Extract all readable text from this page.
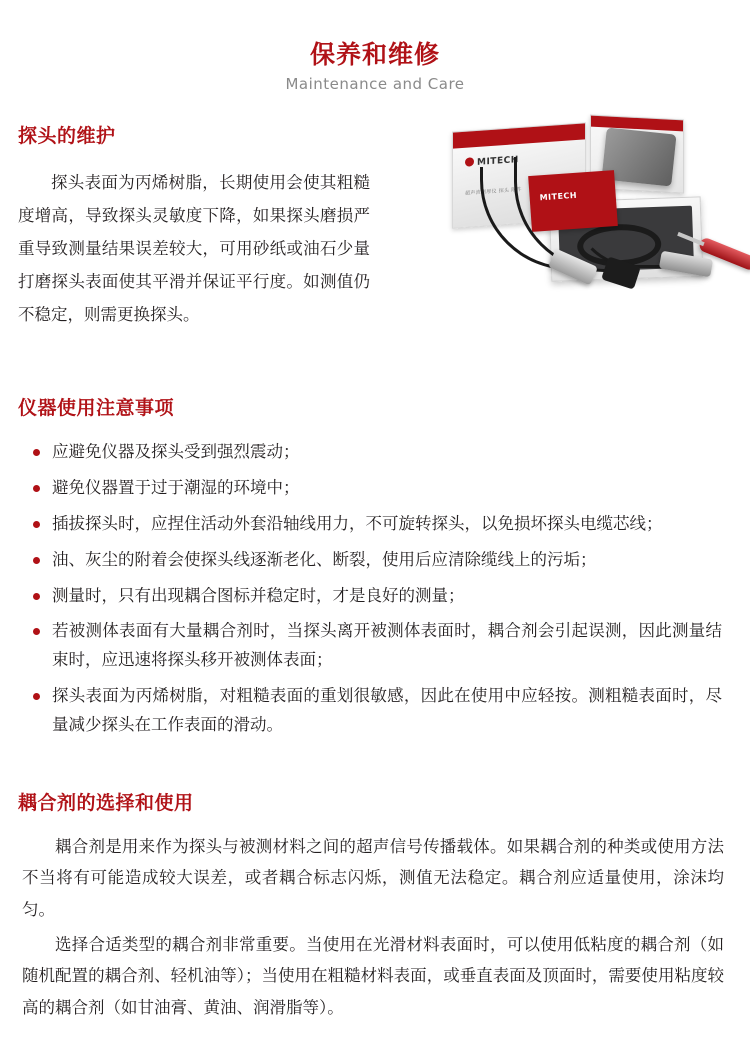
保养和维修
Maintenance and Care
探头的维护
探头表面为丙烯树脂，长期使用会使其粗糙度增高，导致探头灵敏度下降，如果探头磨损严重导致测量结果误差较大，可用砂纸或油石少量打磨探头表面使其平滑并保证平行度。如测值仍不稳定，则需更换探头。
MITECH
超声波测厚仪 探头 附件 MITECH
仪器使用注意事项
应避免仪器及探头受到强烈震动；
避免仪器置于过于潮湿的环境中；
插拔探头时，应捏住活动外套沿轴线用力，不可旋转探头，以免损坏探头电缆芯线；
油、灰尘的附着会使探头线逐渐老化、断裂，使用后应清除缆线上的污垢；
测量时，只有出现耦合图标并稳定时，才是良好的测量；
若被测体表面有大量耦合剂时，当探头离开被测体表面时，耦合剂会引起误测，因此测量结束时，应迅速将探头移开被测体表面；
探头表面为丙烯树脂，对粗糙表面的重划很敏感，因此在使用中应轻按。测粗糙表面时，尽量减少探头在工作表面的滑动。
耦合剂的选择和使用

耦合剂是用来作为探头与被测材料之间的超声信号传播载体。如果耦合剂的种类或使用方法不当将有可能造成较大误差，或者耦合标志闪烁，测值无法稳定。耦合剂应适量使用，涂沫均匀。

选择合适类型的耦合剂非常重要。当使用在光滑材料表面时，可以使用低粘度的耦合剂（如随机配置的耦合剂、轻机油等）；当使用在粗糙材料表面，或垂直表面及顶面时，需要使用粘度较高的耦合剂（如甘油膏、黄油、润滑脂等）。
